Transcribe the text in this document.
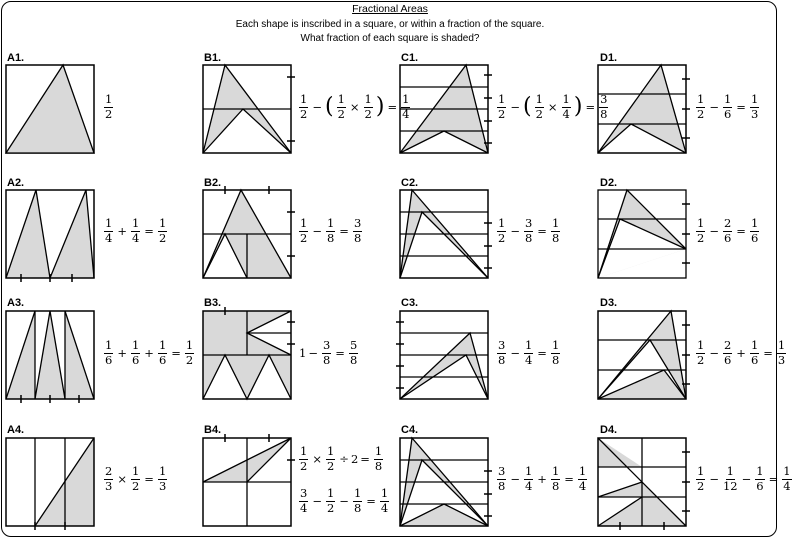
Fractional Areas
Each shape is inscribed in a square, or within a fraction of the square.
What fraction of each square is shaded?
A1.	B1.	C1.	D1.
A2.	B2.	C2.	D2.
A3.	B3.	C3.	D3.
A4.	B4.	C4.	D4.
1
2
1
$4 + \frac{1}{4} = \frac{1}{2}$
1
$6 + \frac{1}{6} + \frac{1}{6} = \frac{1}{2}$
$\frac{2}{3} \times \frac{1}{2} = \frac{1}{3}$
1
2 − ( $\frac{1}{2} \times \frac{1}{2}$ ) = $\frac{1}{4}$
1
$2 - \frac{1}{8} = \frac{3}{8}$
$1 - \frac{3}{8} = \frac{5}{8}$
$\frac{1}{2} \times \frac{1}{2} \div 2 = \frac{1}{8}$
3
$4 - \frac{1}{2} - \frac{1}{8} = \frac{1}{4}$
1
2 − ( $\frac{1}{2} \times \frac{1}{4}$ ) = $\frac{3}{8}$
1
$2 - \frac{3}{8} = \frac{1}{8}$
3
$8 - \frac{1}{4} = \frac{1}{8}$
3
$8 - \frac{1}{4} + \frac{1}{8} = \frac{1}{4}$
1
$2 - \frac{1}{6} = \frac{1}{3}$
1
$2 - \frac{2}{6} = \frac{1}{6}$
1
$2 - \frac{2}{6} + \frac{1}{6} = \frac{1}{3}$
1
$2 - \frac{1}{12} - \frac{1}{6} = \frac{1}{4}$
